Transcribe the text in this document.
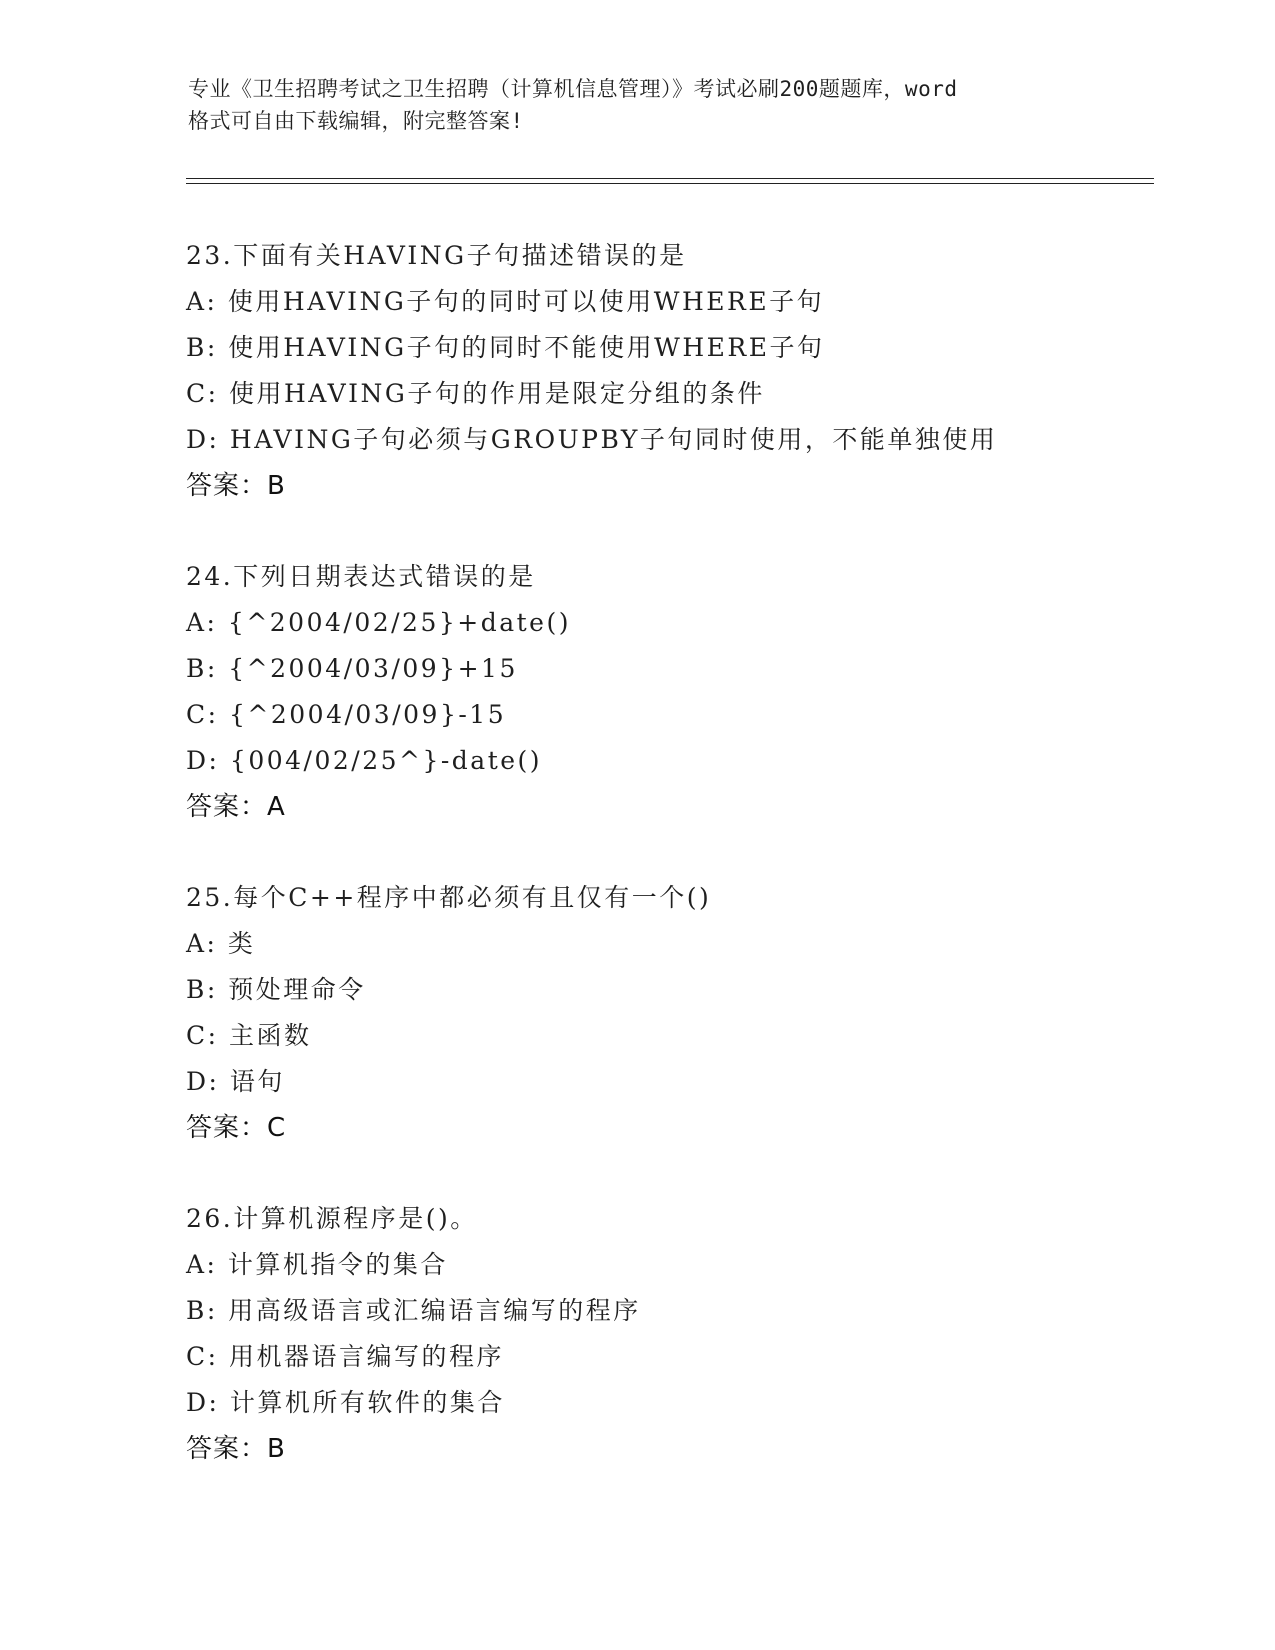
专业《卫生招聘考试之卫生招聘（计算机信息管理）》考试必刷200题题库，word
格式可自由下载编辑，附完整答案!
23.下面有关HAVING子句描述错误的是
A: 使用HAVING子句的同时可以使用WHERE子句
B: 使用HAVING子句的同时不能使用WHERE子句
C: 使用HAVING子句的作用是限定分组的条件
D: HAVING子句必须与GROUPBY子句同时使用，不能单独使用
答案：B
24.下列日期表达式错误的是
A: {^2004/02/25}+date()
B: {^2004/03/09}+15
C: {^2004/03/09}-15
D: {004/02/25^}-date()
答案：A
25.每个C++程序中都必须有且仅有一个()
A: 类
B: 预处理命令
C: 主函数
D: 语句
答案：C
26.计算机源程序是()。
A: 计算机指令的集合
B: 用高级语言或汇编语言编写的程序
C: 用机器语言编写的程序
D: 计算机所有软件的集合
答案：B
